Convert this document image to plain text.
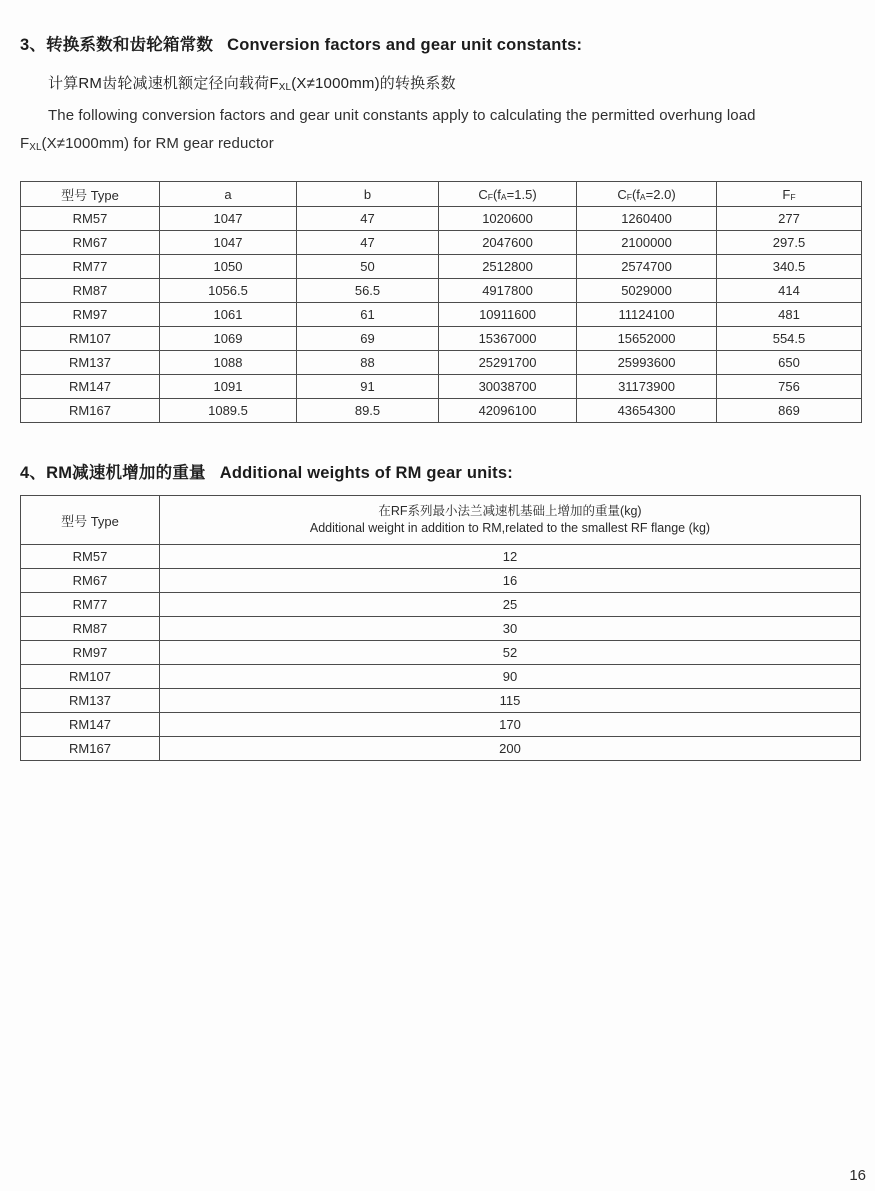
3、转换系数和齿轮箱常数 Conversion factors and gear unit constants:
计算RM齿轮减速机额定径向载荷$F_{XL}(X\ne 1000mm)$的转换系数
The following conversion factors and gear unit constants apply to calculating the permitted overhung load
$F_{XL}(X\ne 1000mm)$ for RM gear reductor
型号 Type	a	b	$C_F(f_A=1.5)$	$C_F(f_A=2.0)$	$F_F$
RM57	1047	47	1020600	1260400	277
RM67	1047	47	2047600	2100000	297.5
RM77	1050	50	2512800	2574700	340.5
RM87	1056.5	56.5	4917800	5029000	414
RM97	1061	61	10911600	11124100	481
RM107	1069	69	15367000	15652000	554.5
RM137	1088	88	25291700	25993600	650
RM147	1091	91	30038700	31173900	756
RM167	1089.5	89.5	42096100	43654300	869
4、RM减速机增加的重量 Additional weights of RM gear units:
型号 Type	在RF系列最小法兰减速机基础上增加的重量(kg)
Additional weight in addition to RM,related to the smallest RF flange (kg)

RM57	12
RM67	16
RM77	25
RM87	30
RM97	52
RM107	90
RM137	115
RM147	170
RM167	200
16
